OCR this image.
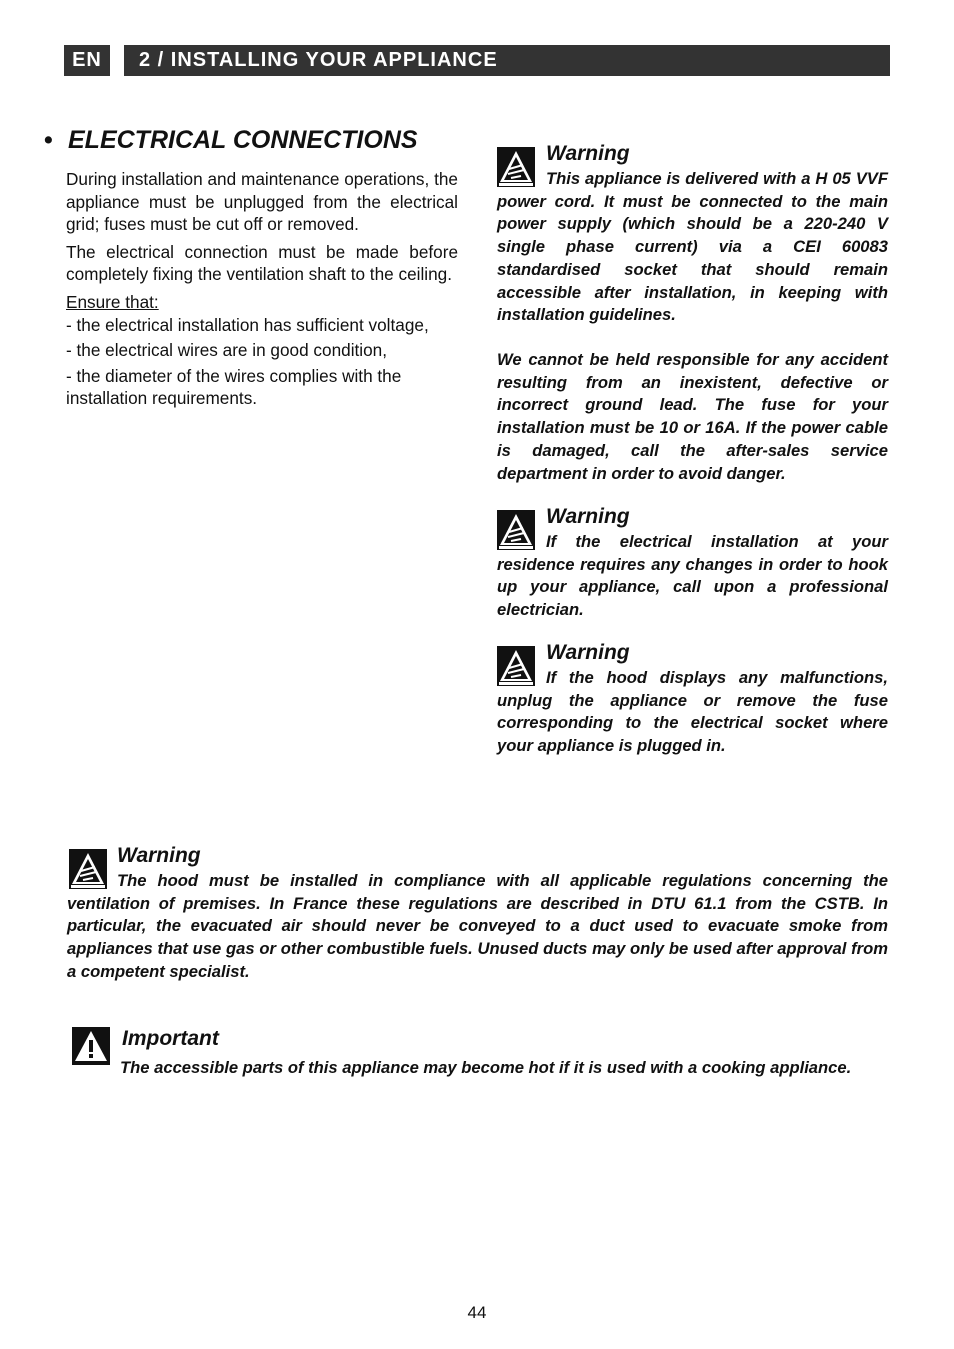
EN	2 / INSTALLING YOUR APPLIANCE
• ELECTRICAL CONNECTIONS

During installation and maintenance operations, the appliance must be unplugged from the electrical grid; fuses must be cut off or removed.

The electrical connection must be made before completely fixing the ventilation shaft to the ceiling.

Ensure that:

- the electrical installation has sufficient voltage,

- the electrical wires are in good condition,

- the diameter of the wires complies with the installation requirements.

Warning

This appliance is delivered with a H 05 VVF power cord. It must be connected to the main power supply (which should be a 220-240 V single phase current) via a CEI 60083 standardised socket that should remain accessible after installation, in keeping with installation guidelines.

We cannot be held responsible for any accident resulting from an inexistent, defective or incorrect ground lead. The fuse for your installation must be 10 or 16A. If the power cable is damaged, call the after-sales service department in order to avoid danger.

Warning

If the electrical installation at your residence requires any changes in order to hook up your appliance, call upon a professional electrician.

Warning

If the hood displays any malfunctions, unplug the appliance or remove the fuse corresponding to the electrical socket where your appliance is plugged in.

Warning

The hood must be installed in compliance with all applicable regulations concerning the ventilation of premises. In France these regulations are described in DTU 61.1 from the CSTB. In particular, the evacuated air should never be conveyed to a duct used to evacuate smoke from appliances that use gas or other combustible fuels. Unused ducts may only be used after approval from a competent specialist.

Important

The accessible parts of this appliance may become hot if it is used with a cooking appliance.

44
